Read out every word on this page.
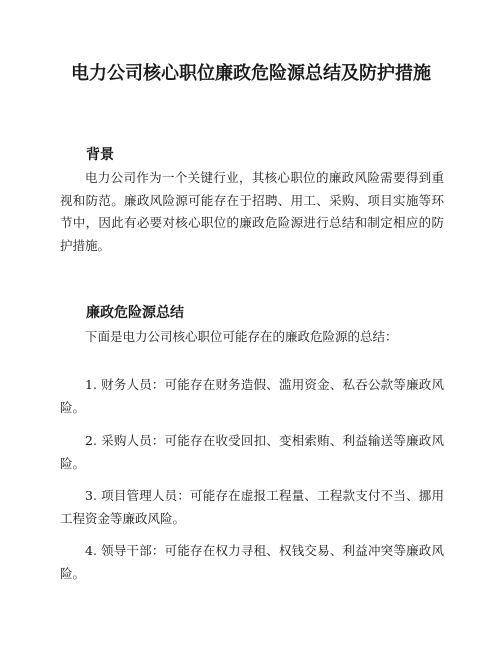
电力公司核心职位廉政危险源总结及防护措施
背景

电力公司作为一个关键行业，其核心职位的廉政风险需要得到重视和防范。廉政风险源可能存在于招聘、用工、采购、项目实施等环节中，因此有必要对核心职位的廉政危险源进行总结和制定相应的防护措施。

廉政危险源总结

下面是电力公司核心职位可能存在的廉政危险源的总结：

1. 财务人员：可能存在财务造假、滥用资金、私吞公款等廉政风险。

2. 采购人员：可能存在收受回扣、变相索贿、利益输送等廉政风险。

3. 项目管理人员：可能存在虚报工程量、工程款支付不当、挪用工程资金等廉政风险。

4. 领导干部：可能存在权力寻租、权钱交易、利益冲突等廉政风险。
